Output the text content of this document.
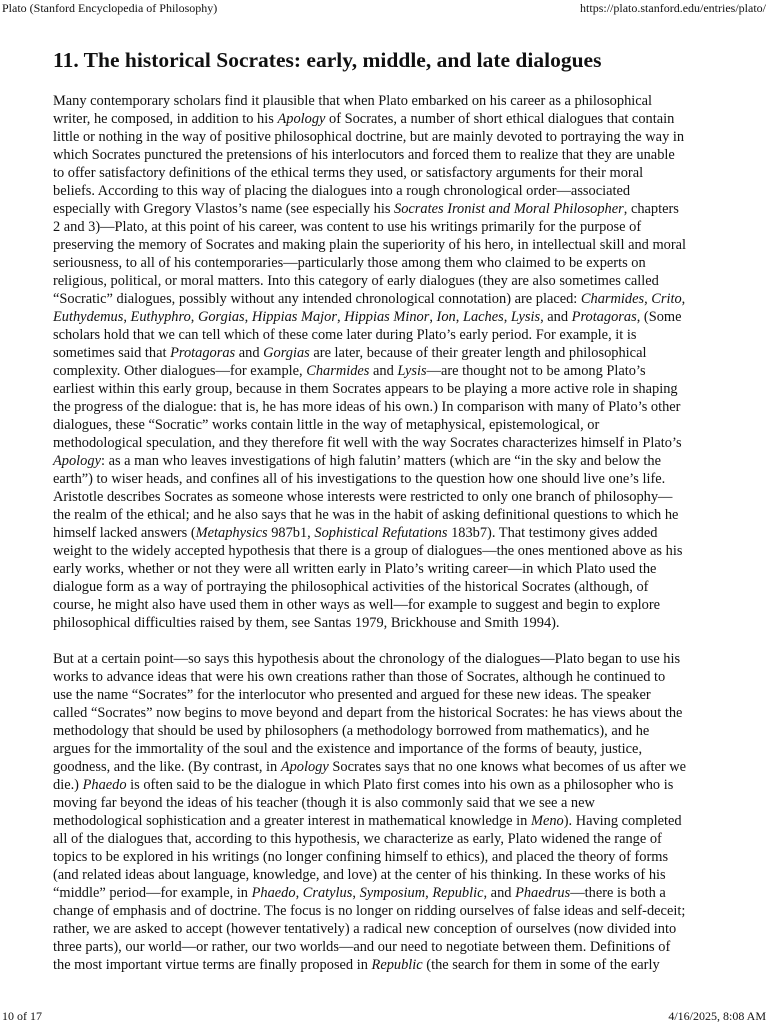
Plato (Stanford Encyclopedia of Philosophy)	https://plato.stanford.edu/entries/plato/
11. The historical Socrates: early, middle, and late dialogues
Many contemporary scholars find it plausible that when Plato embarked on his career as a philosophical
writer, he composed, in addition to his Apology of Socrates, a number of short ethical dialogues that contain
little or nothing in the way of positive philosophical doctrine, but are mainly devoted to portraying the way in
which Socrates punctured the pretensions of his interlocutors and forced them to realize that they are unable
to offer satisfactory definitions of the ethical terms they used, or satisfactory arguments for their moral
beliefs. According to this way of placing the dialogues into a rough chronological order—associated
especially with Gregory Vlastos’s name (see especially his Socrates Ironist and Moral Philosopher, chapters
2 and 3)—Plato, at this point of his career, was content to use his writings primarily for the purpose of
preserving the memory of Socrates and making plain the superiority of his hero, in intellectual skill and moral
seriousness, to all of his contemporaries—particularly those among them who claimed to be experts on
religious, political, or moral matters. Into this category of early dialogues (they are also sometimes called
“Socratic” dialogues, possibly without any intended chronological connotation) are placed: Charmides, Crito,
Euthydemus, Euthyphro, Gorgias, Hippias Major, Hippias Minor, Ion, Laches, Lysis, and Protagoras, (Some
scholars hold that we can tell which of these come later during Plato’s early period. For example, it is
sometimes said that Protagoras and Gorgias are later, because of their greater length and philosophical
complexity. Other dialogues—for example, Charmides and Lysis—are thought not to be among Plato’s
earliest within this early group, because in them Socrates appears to be playing a more active role in shaping
the progress of the dialogue: that is, he has more ideas of his own.) In comparison with many of Plato’s other
dialogues, these “Socratic” works contain little in the way of metaphysical, epistemological, or
methodological speculation, and they therefore fit well with the way Socrates characterizes himself in Plato’s
Apology: as a man who leaves investigations of high falutin’ matters (which are “in the sky and below the
earth”) to wiser heads, and confines all of his investigations to the question how one should live one’s life.
Aristotle describes Socrates as someone whose interests were restricted to only one branch of philosophy—
the realm of the ethical; and he also says that he was in the habit of asking definitional questions to which he
himself lacked answers (Metaphysics 987b1, Sophistical Refutations 183b7). That testimony gives added
weight to the widely accepted hypothesis that there is a group of dialogues—the ones mentioned above as his
early works, whether or not they were all written early in Plato’s writing career—in which Plato used the
dialogue form as a way of portraying the philosophical activities of the historical Socrates (although, of
course, he might also have used them in other ways as well—for example to suggest and begin to explore
philosophical difficulties raised by them, see Santas 1979, Brickhouse and Smith 1994).
But at a certain point—so says this hypothesis about the chronology of the dialogues—Plato began to use his
works to advance ideas that were his own creations rather than those of Socrates, although he continued to
use the name “Socrates” for the interlocutor who presented and argued for these new ideas. The speaker
called “Socrates” now begins to move beyond and depart from the historical Socrates: he has views about the
methodology that should be used by philosophers (a methodology borrowed from mathematics), and he
argues for the immortality of the soul and the existence and importance of the forms of beauty, justice,
goodness, and the like. (By contrast, in Apology Socrates says that no one knows what becomes of us after we
die.) Phaedo is often said to be the dialogue in which Plato first comes into his own as a philosopher who is
moving far beyond the ideas of his teacher (though it is also commonly said that we see a new
methodological sophistication and a greater interest in mathematical knowledge in Meno). Having completed
all of the dialogues that, according to this hypothesis, we characterize as early, Plato widened the range of
topics to be explored in his writings (no longer confining himself to ethics), and placed the theory of forms
(and related ideas about language, knowledge, and love) at the center of his thinking. In these works of his
“middle” period—for example, in Phaedo, Cratylus, Symposium, Republic, and Phaedrus—there is both a
change of emphasis and of doctrine. The focus is no longer on ridding ourselves of false ideas and self-deceit;
rather, we are asked to accept (however tentatively) a radical new conception of ourselves (now divided into
three parts), our world—or rather, our two worlds—and our need to negotiate between them. Definitions of
the most important virtue terms are finally proposed in Republic (the search for them in some of the early
10 of 17	4/16/2025, 8:08 AM
